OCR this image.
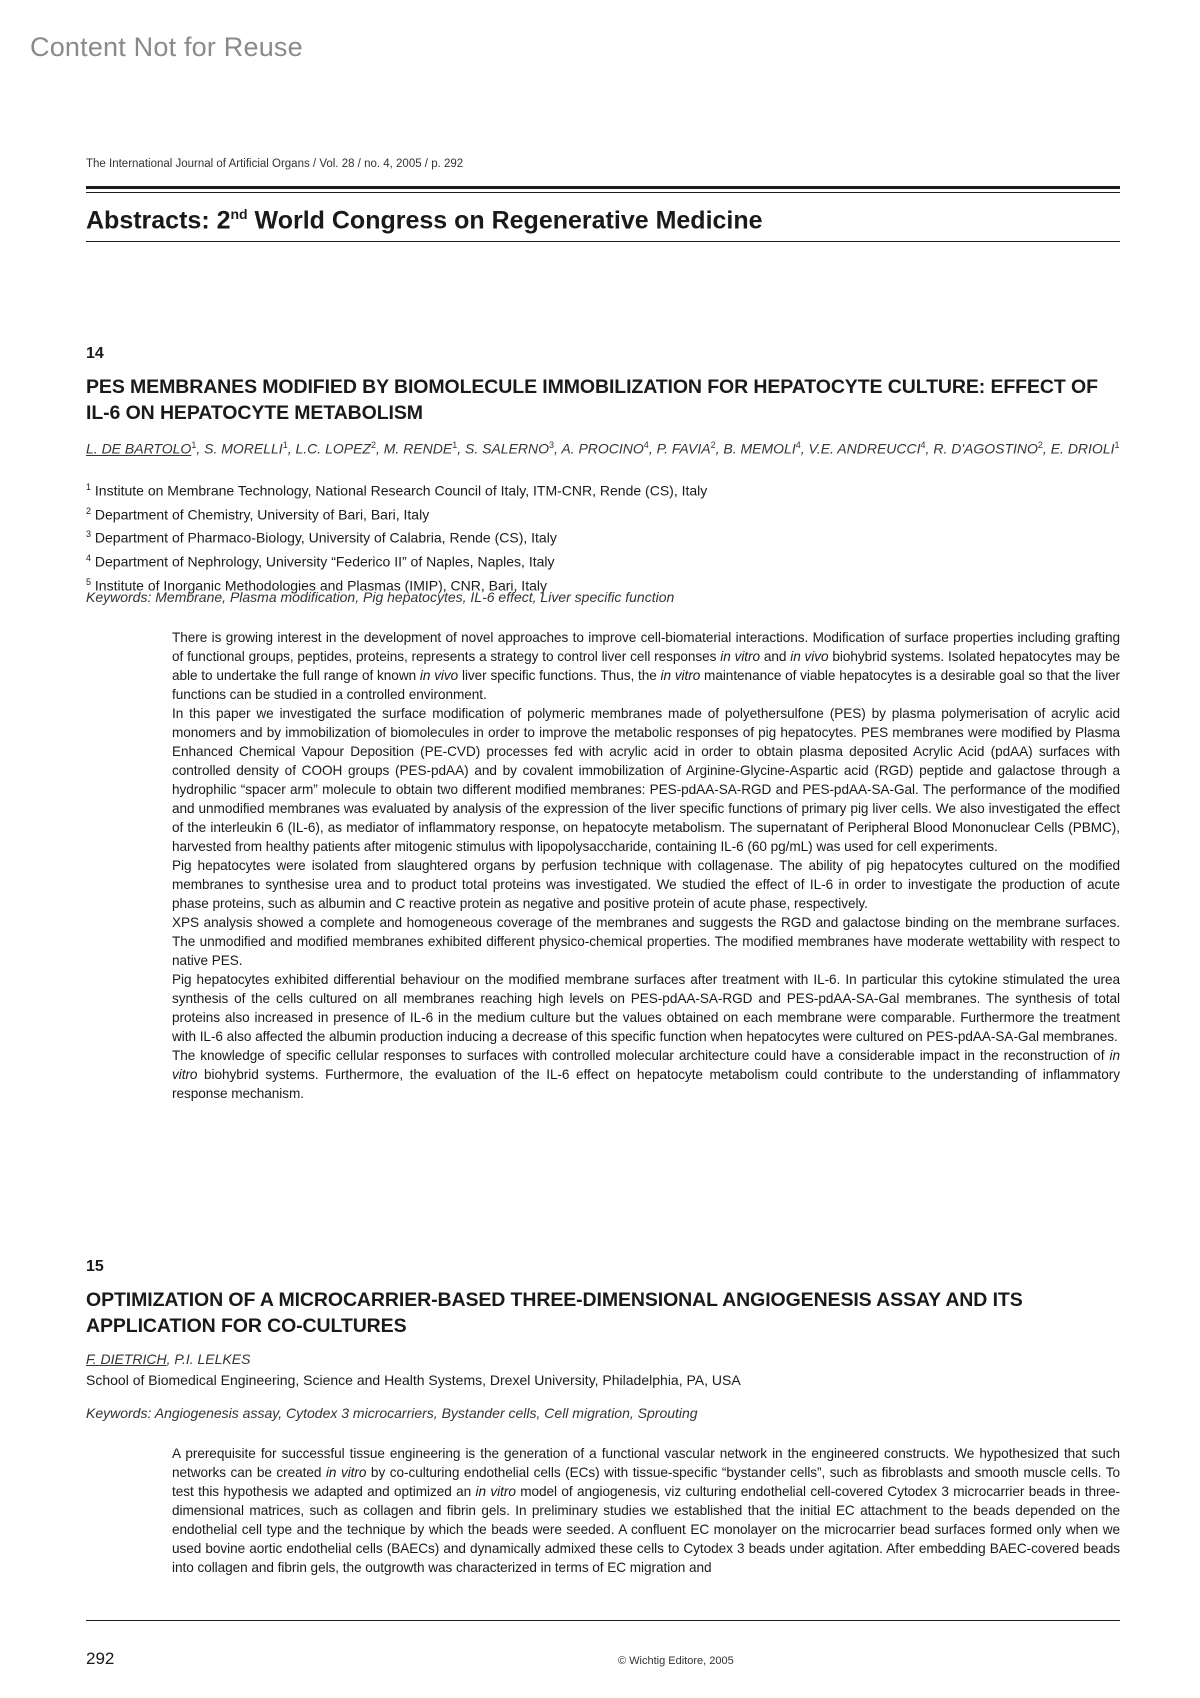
Content Not for Reuse
The International Journal of Artificial Organs / Vol. 28 / no. 4, 2005 / p. 292
Abstracts: 2nd World Congress on Regenerative Medicine
14
PES MEMBRANES MODIFIED BY BIOMOLECULE IMMOBILIZATION FOR HEPATOCYTE CULTURE: EFFECT OF IL-6 ON HEPATOCYTE METABOLISM
L. DE BARTOLO$^1$, S. MORELLI$^1$, L.C. LOPEZ$^2$, M. RENDE$^1$, S. SALERNO$^3$, A. PROCINO$^4$, P. FAVIA$^2$, B. MEMOLI$^4$, V.E. ANDREUCCI$^4$, R. D'AGOSTINO$^2$, E. DRIOLI$^1$
$^1$ Institute on Membrane Technology, National Research Council of Italy, ITM-CNR, Rende (CS), Italy
$^2$ Department of Chemistry, University of Bari, Bari, Italy
$^3$ Department of Pharmaco-Biology, University of Calabria, Rende (CS), Italy
$^4$ Department of Nephrology, University “Federico II” of Naples, Naples, Italy
$^5$ Institute of Inorganic Methodologies and Plasmas (IMIP), CNR, Bari, Italy
Keywords: Membrane, Plasma modification, Pig hepatocytes, IL-6 effect, Liver specific function

There is growing interest in the development of novel approaches to improve cell-biomaterial interactions. Modification of surface properties including grafting of functional groups, peptides, proteins, represents a strategy to control liver cell responses in vitro and in vivo biohybrid systems. Isolated hepatocytes may be able to undertake the full range of known in vivo liver specific functions. Thus, the in vitro maintenance of viable hepatocytes is a desirable goal so that the liver functions can be studied in a controlled environment.

In this paper we investigated the surface modification of polymeric membranes made of polyethersulfone (PES) by plasma polymerisation of acrylic acid monomers and by immobilization of biomolecules in order to improve the metabolic responses of pig hepatocytes. PES membranes were modified by Plasma Enhanced Chemical Vapour Deposition (PE-CVD) processes fed with acrylic acid in order to obtain plasma deposited Acrylic Acid (pdAA) surfaces with controlled density of COOH groups (PES-pdAA) and by covalent immobilization of Arginine-Glycine-Aspartic acid (RGD) peptide and galactose through a hydrophilic “spacer arm” molecule to obtain two different modified membranes: PES-pdAA-SA-RGD and PES-pdAA-SA-Gal. The performance of the modified and unmodified membranes was evaluated by analysis of the expression of the liver specific functions of primary pig liver cells. We also investigated the effect of the interleukin 6 (IL-6), as mediator of inflammatory response, on hepatocyte metabolism. The supernatant of Peripheral Blood Mononuclear Cells (PBMC), harvested from healthy patients after mitogenic stimulus with lipopolysaccharide, containing IL-6 (60 pg/mL) was used for cell experiments.

Pig hepatocytes were isolated from slaughtered organs by perfusion technique with collagenase. The ability of pig hepatocytes cultured on the modified membranes to synthesise urea and to product total proteins was investigated. We studied the effect of IL-6 in order to investigate the production of acute phase proteins, such as albumin and C reactive protein as negative and positive protein of acute phase, respectively.

XPS analysis showed a complete and homogeneous coverage of the membranes and suggests the RGD and galactose binding on the membrane surfaces. The unmodified and modified membranes exhibited different physico-chemical properties. The modified membranes have moderate wettability with respect to native PES.

Pig hepatocytes exhibited differential behaviour on the modified membrane surfaces after treatment with IL-6. In particular this cytokine stimulated the urea synthesis of the cells cultured on all membranes reaching high levels on PES-pdAA-SA-RGD and PES-pdAA-SA-Gal membranes. The synthesis of total proteins also increased in presence of IL-6 in the medium culture but the values obtained on each membrane were comparable. Furthermore the treatment with IL-6 also affected the albumin production inducing a decrease of this specific function when hepatocytes were cultured on PES-pdAA-SA-Gal membranes.

The knowledge of specific cellular responses to surfaces with controlled molecular architecture could have a considerable impact in the reconstruction of in vitro biohybrid systems. Furthermore, the evaluation of the IL-6 effect on hepatocyte metabolism could contribute to the understanding of inflammatory response mechanism.

15
OPTIMIZATION OF A MICROCARRIER-BASED THREE-DIMENSIONAL ANGIOGENESIS ASSAY AND ITS APPLICATION FOR CO-CULTURES
F. DIETRICH, P.I. LELKES
School of Biomedical Engineering, Science and Health Systems, Drexel University, Philadelphia, PA, USA
Keywords: Angiogenesis assay, Cytodex 3 microcarriers, Bystander cells, Cell migration, Sprouting

A prerequisite for successful tissue engineering is the generation of a functional vascular network in the engineered constructs. We hypothesized that such networks can be created in vitro by co-culturing endothelial cells (ECs) with tissue-specific “bystander cells”, such as fibroblasts and smooth muscle cells. To test this hypothesis we adapted and optimized an in vitro model of angiogenesis, viz culturing endothelial cell-covered Cytodex 3 microcarrier beads in three-dimensional matrices, such as collagen and fibrin gels. In preliminary studies we established that the initial EC attachment to the beads depended on the endothelial cell type and the technique by which the beads were seeded. A confluent EC monolayer on the microcarrier bead surfaces formed only when we used bovine aortic endothelial cells (BAECs) and dynamically admixed these cells to Cytodex 3 beads under agitation. After embedding BAEC-covered beads into collagen and fibrin gels, the outgrowth was characterized in terms of EC migration and

292	© Wichtig Editore, 2005
